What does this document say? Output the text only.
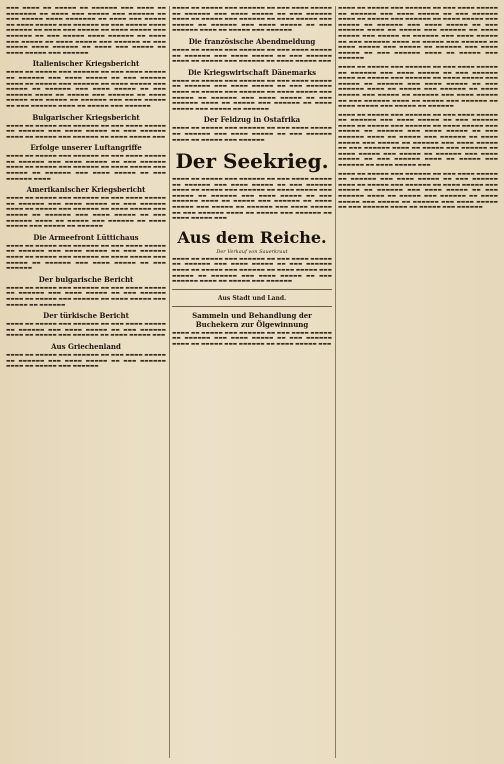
▬▬▬ ▬▬▬▬ ▬▬ ▬▬▬▬▬ ▬▬ ▬▬▬▬▬▬ ▬▬▬ ▬▬▬▬ ▬▬ ▬▬▬▬▬▬▬ ▬▬ ▬▬▬▬ ▬▬▬ ▬▬▬▬▬ ▬▬▬ ▬▬▬▬▬▬ ▬▬ ▬▬▬ ▬▬▬▬▬ ▬▬▬▬ ▬▬▬▬▬▬▬ ▬▬ ▬▬▬▬ ▬▬▬ ▬▬▬▬▬ ▬▬ ▬▬▬▬ ▬▬▬▬▬ ▬▬▬ ▬▬▬▬▬▬ ▬▬ ▬▬▬ ▬▬▬▬▬ ▬▬▬▬ ▬▬▬▬▬▬ ▬▬ ▬▬▬▬ ▬▬▬ ▬▬▬▬▬ ▬▬ ▬▬▬▬ ▬▬▬▬▬ ▬▬▬ ▬▬▬▬▬▬ ▬▬ ▬▬▬ ▬▬▬▬▬ ▬▬▬▬ ▬▬▬▬▬▬ ▬▬ ▬▬▬▬ ▬▬▬ ▬▬▬▬▬ ▬▬ ▬▬▬▬ ▬▬▬▬▬ ▬▬▬ ▬▬▬▬▬▬ ▬▬ ▬▬▬ ▬▬▬▬▬ ▬▬▬▬ ▬▬▬▬▬▬ ▬▬ ▬▬▬▬ ▬▬▬ ▬▬▬▬▬ ▬▬ ▬▬▬▬ ▬▬▬▬▬ ▬▬▬ ▬▬▬▬▬▬
Italienischer Kriegsbericht
▬▬▬▬ ▬▬ ▬▬▬▬▬ ▬▬▬ ▬▬▬▬▬▬ ▬▬ ▬▬▬ ▬▬▬▬ ▬▬▬▬▬ ▬▬ ▬▬▬▬▬▬ ▬▬▬ ▬▬▬▬ ▬▬▬▬▬ ▬▬ ▬▬▬ ▬▬▬▬▬▬ ▬▬▬▬ ▬▬ ▬▬▬▬▬ ▬▬▬ ▬▬▬▬▬▬ ▬▬ ▬▬▬▬ ▬▬▬▬▬ ▬▬▬ ▬▬▬▬▬ ▬▬ ▬▬▬▬▬▬ ▬▬▬ ▬▬▬▬ ▬▬▬▬▬ ▬▬ ▬▬▬ ▬▬▬▬▬▬ ▬▬▬▬ ▬▬ ▬▬▬▬▬ ▬▬▬ ▬▬▬▬▬▬ ▬▬ ▬▬▬▬ ▬▬▬▬▬ ▬▬▬ ▬▬▬▬▬ ▬▬ ▬▬▬▬▬▬ ▬▬▬ ▬▬▬▬ ▬▬▬▬▬ ▬▬ ▬▬▬ ▬▬▬▬▬▬ ▬▬▬▬ ▬▬ ▬▬▬▬▬ ▬▬▬ ▬▬▬▬▬▬
Bulgarischer Kriegsbericht
▬▬▬▬ ▬▬ ▬▬▬▬▬ ▬▬▬ ▬▬▬▬▬▬ ▬▬ ▬▬▬ ▬▬▬▬ ▬▬▬▬▬ ▬▬ ▬▬▬▬▬▬ ▬▬▬ ▬▬▬▬ ▬▬▬▬▬ ▬▬ ▬▬▬ ▬▬▬▬▬▬ ▬▬▬▬ ▬▬ ▬▬▬▬▬ ▬▬▬ ▬▬▬▬▬▬ ▬▬ ▬▬▬▬ ▬▬▬▬▬ ▬▬▬
Erfolge unserer Luftangriffe
▬▬▬▬ ▬▬ ▬▬▬▬▬ ▬▬▬ ▬▬▬▬▬▬ ▬▬ ▬▬▬ ▬▬▬▬ ▬▬▬▬▬ ▬▬ ▬▬▬▬▬▬ ▬▬▬ ▬▬▬▬ ▬▬▬▬▬ ▬▬ ▬▬▬ ▬▬▬▬▬▬ ▬▬▬▬ ▬▬ ▬▬▬▬▬ ▬▬▬ ▬▬▬▬▬▬ ▬▬ ▬▬▬▬ ▬▬▬▬▬ ▬▬▬ ▬▬▬▬▬ ▬▬ ▬▬▬▬▬▬ ▬▬▬ ▬▬▬▬ ▬▬▬▬▬ ▬▬ ▬▬▬ ▬▬▬▬▬▬ ▬▬▬▬
Amerikanischer Kriegsbericht
▬▬▬▬ ▬▬ ▬▬▬▬▬ ▬▬▬ ▬▬▬▬▬▬ ▬▬ ▬▬▬ ▬▬▬▬ ▬▬▬▬▬ ▬▬ ▬▬▬▬▬▬ ▬▬▬ ▬▬▬▬ ▬▬▬▬▬ ▬▬ ▬▬▬ ▬▬▬▬▬▬ ▬▬▬▬ ▬▬ ▬▬▬▬▬ ▬▬▬ ▬▬▬▬▬▬ ▬▬ ▬▬▬▬ ▬▬▬▬▬ ▬▬▬ ▬▬▬▬▬ ▬▬ ▬▬▬▬▬▬ ▬▬▬ ▬▬▬▬ ▬▬▬▬▬ ▬▬ ▬▬▬ ▬▬▬▬▬▬ ▬▬▬▬ ▬▬ ▬▬▬▬▬ ▬▬▬ ▬▬▬▬▬▬ ▬▬ ▬▬▬▬ ▬▬▬▬▬ ▬▬▬ ▬▬▬▬▬ ▬▬ ▬▬▬▬▬▬
Die Armeefront Lüttichaus
▬▬▬▬ ▬▬ ▬▬▬▬▬ ▬▬▬ ▬▬▬▬▬▬ ▬▬ ▬▬▬ ▬▬▬▬ ▬▬▬▬▬ ▬▬ ▬▬▬▬▬▬ ▬▬▬ ▬▬▬▬ ▬▬▬▬▬ ▬▬ ▬▬▬ ▬▬▬▬▬▬ ▬▬▬▬ ▬▬ ▬▬▬▬▬ ▬▬▬ ▬▬▬▬▬▬ ▬▬ ▬▬▬▬ ▬▬▬▬▬ ▬▬▬ ▬▬▬▬▬ ▬▬ ▬▬▬▬▬▬ ▬▬▬ ▬▬▬▬ ▬▬▬▬▬ ▬▬ ▬▬▬ ▬▬▬▬▬▬
Der bulgarische Bericht
▬▬▬▬ ▬▬ ▬▬▬▬▬ ▬▬▬ ▬▬▬▬▬▬ ▬▬ ▬▬▬ ▬▬▬▬ ▬▬▬▬▬ ▬▬ ▬▬▬▬▬▬ ▬▬▬ ▬▬▬▬ ▬▬▬▬▬ ▬▬ ▬▬▬ ▬▬▬▬▬▬ ▬▬▬▬ ▬▬ ▬▬▬▬▬ ▬▬▬ ▬▬▬▬▬▬ ▬▬ ▬▬▬▬ ▬▬▬▬▬ ▬▬▬ ▬▬▬▬▬ ▬▬ ▬▬▬▬▬▬
Der türkische Bericht
▬▬▬▬ ▬▬ ▬▬▬▬▬ ▬▬▬ ▬▬▬▬▬▬ ▬▬ ▬▬▬ ▬▬▬▬ ▬▬▬▬▬ ▬▬ ▬▬▬▬▬▬ ▬▬▬ ▬▬▬▬ ▬▬▬▬▬ ▬▬ ▬▬▬ ▬▬▬▬▬▬ ▬▬▬▬ ▬▬ ▬▬▬▬▬ ▬▬▬ ▬▬▬▬▬▬ ▬▬ ▬▬▬▬ ▬▬▬▬▬ ▬▬▬
Aus Griechenland
▬▬▬▬ ▬▬ ▬▬▬▬▬ ▬▬▬ ▬▬▬▬▬▬ ▬▬ ▬▬▬ ▬▬▬▬ ▬▬▬▬▬ ▬▬ ▬▬▬▬▬▬ ▬▬▬ ▬▬▬▬ ▬▬▬▬▬ ▬▬ ▬▬▬ ▬▬▬▬▬▬ ▬▬▬▬ ▬▬ ▬▬▬▬▬ ▬▬▬ ▬▬▬▬▬▬
▬▬▬▬ ▬▬ ▬▬▬▬▬ ▬▬▬ ▬▬▬▬▬▬ ▬▬ ▬▬▬ ▬▬▬▬ ▬▬▬▬▬ ▬▬ ▬▬▬▬▬▬ ▬▬▬ ▬▬▬▬ ▬▬▬▬▬ ▬▬ ▬▬▬ ▬▬▬▬▬▬ ▬▬▬▬ ▬▬ ▬▬▬▬▬ ▬▬▬ ▬▬▬▬▬▬ ▬▬ ▬▬▬▬ ▬▬▬▬▬ ▬▬▬ ▬▬▬▬▬ ▬▬ ▬▬▬▬▬▬ ▬▬▬ ▬▬▬▬ ▬▬▬▬▬ ▬▬ ▬▬▬ ▬▬▬▬▬▬ ▬▬▬▬ ▬▬ ▬▬▬▬▬ ▬▬▬ ▬▬▬▬▬▬
Die französische Abendmeldung
▬▬▬▬ ▬▬ ▬▬▬▬▬ ▬▬▬ ▬▬▬▬▬▬ ▬▬ ▬▬▬ ▬▬▬▬ ▬▬▬▬▬ ▬▬ ▬▬▬▬▬▬ ▬▬▬ ▬▬▬▬ ▬▬▬▬▬ ▬▬ ▬▬▬ ▬▬▬▬▬▬ ▬▬▬▬ ▬▬ ▬▬▬▬▬ ▬▬▬ ▬▬▬▬▬▬ ▬▬ ▬▬▬▬ ▬▬▬▬▬ ▬▬▬
Die Kriegswirtschaft Dänemarks
▬▬▬▬ ▬▬ ▬▬▬▬▬ ▬▬▬ ▬▬▬▬▬▬ ▬▬ ▬▬▬ ▬▬▬▬ ▬▬▬▬▬ ▬▬ ▬▬▬▬▬▬ ▬▬▬ ▬▬▬▬ ▬▬▬▬▬ ▬▬ ▬▬▬ ▬▬▬▬▬▬ ▬▬▬▬ ▬▬ ▬▬▬▬▬ ▬▬▬ ▬▬▬▬▬▬ ▬▬ ▬▬▬▬ ▬▬▬▬▬ ▬▬▬ ▬▬▬▬▬ ▬▬ ▬▬▬▬▬▬ ▬▬▬ ▬▬▬▬ ▬▬▬▬▬ ▬▬ ▬▬▬ ▬▬▬▬▬▬ ▬▬▬▬ ▬▬ ▬▬▬▬▬ ▬▬▬ ▬▬▬▬▬▬ ▬▬ ▬▬▬▬ ▬▬▬▬▬ ▬▬▬ ▬▬▬▬▬ ▬▬ ▬▬▬▬▬▬
Der Feldzug in Ostafrika
▬▬▬▬ ▬▬ ▬▬▬▬▬ ▬▬▬ ▬▬▬▬▬▬ ▬▬ ▬▬▬ ▬▬▬▬ ▬▬▬▬▬ ▬▬ ▬▬▬▬▬▬ ▬▬▬ ▬▬▬▬ ▬▬▬▬▬ ▬▬ ▬▬▬ ▬▬▬▬▬▬ ▬▬▬▬ ▬▬ ▬▬▬▬▬ ▬▬▬ ▬▬▬▬▬▬
Der Seekrieg.
▬▬▬▬ ▬▬ ▬▬▬▬▬ ▬▬▬ ▬▬▬▬▬▬ ▬▬ ▬▬▬ ▬▬▬▬ ▬▬▬▬▬ ▬▬ ▬▬▬▬▬▬ ▬▬▬ ▬▬▬▬ ▬▬▬▬▬ ▬▬ ▬▬▬ ▬▬▬▬▬▬ ▬▬▬▬ ▬▬ ▬▬▬▬▬ ▬▬▬ ▬▬▬▬▬▬ ▬▬ ▬▬▬▬ ▬▬▬▬▬ ▬▬▬ ▬▬▬▬▬ ▬▬ ▬▬▬▬▬▬ ▬▬▬ ▬▬▬▬ ▬▬▬▬▬ ▬▬ ▬▬▬ ▬▬▬▬▬▬ ▬▬▬▬ ▬▬ ▬▬▬▬▬ ▬▬▬ ▬▬▬▬▬▬ ▬▬ ▬▬▬▬ ▬▬▬▬▬ ▬▬▬ ▬▬▬▬▬ ▬▬ ▬▬▬▬▬▬ ▬▬▬ ▬▬▬▬ ▬▬▬▬▬ ▬▬ ▬▬▬ ▬▬▬▬▬▬ ▬▬▬▬ ▬▬ ▬▬▬▬▬ ▬▬▬ ▬▬▬▬▬▬ ▬▬ ▬▬▬▬ ▬▬▬▬▬ ▬▬▬
Aus dem Reiche.
Der Verkauf von Sauerkraut
▬▬▬▬ ▬▬ ▬▬▬▬▬ ▬▬▬ ▬▬▬▬▬▬ ▬▬ ▬▬▬ ▬▬▬▬ ▬▬▬▬▬ ▬▬ ▬▬▬▬▬▬ ▬▬▬ ▬▬▬▬ ▬▬▬▬▬ ▬▬ ▬▬▬ ▬▬▬▬▬▬ ▬▬▬▬ ▬▬ ▬▬▬▬▬ ▬▬▬ ▬▬▬▬▬▬ ▬▬ ▬▬▬▬ ▬▬▬▬▬ ▬▬▬ ▬▬▬▬▬ ▬▬ ▬▬▬▬▬▬ ▬▬▬ ▬▬▬▬ ▬▬▬▬▬ ▬▬ ▬▬▬ ▬▬▬▬▬▬ ▬▬▬▬ ▬▬ ▬▬▬▬▬ ▬▬▬ ▬▬▬▬▬▬
Aus Stadt und Land.
Sammeln und Behandlung der Buchekern zur Ölgewinnung
▬▬▬▬ ▬▬ ▬▬▬▬▬ ▬▬▬ ▬▬▬▬▬▬ ▬▬ ▬▬▬ ▬▬▬▬ ▬▬▬▬▬ ▬▬ ▬▬▬▬▬▬ ▬▬▬ ▬▬▬▬ ▬▬▬▬▬ ▬▬ ▬▬▬ ▬▬▬▬▬▬ ▬▬▬▬ ▬▬ ▬▬▬▬▬ ▬▬▬ ▬▬▬▬▬▬ ▬▬ ▬▬▬▬ ▬▬▬▬▬ ▬▬▬
▬▬▬▬ ▬▬ ▬▬▬▬▬ ▬▬▬ ▬▬▬▬▬▬ ▬▬ ▬▬▬ ▬▬▬▬ ▬▬▬▬▬ ▬▬ ▬▬▬▬▬▬ ▬▬▬ ▬▬▬▬ ▬▬▬▬▬ ▬▬ ▬▬▬ ▬▬▬▬▬▬ ▬▬▬▬ ▬▬ ▬▬▬▬▬ ▬▬▬ ▬▬▬▬▬▬ ▬▬ ▬▬▬▬ ▬▬▬▬▬ ▬▬▬ ▬▬▬▬▬ ▬▬ ▬▬▬▬▬▬ ▬▬▬ ▬▬▬▬ ▬▬▬▬▬ ▬▬ ▬▬▬ ▬▬▬▬▬▬ ▬▬▬▬ ▬▬ ▬▬▬▬▬ ▬▬▬ ▬▬▬▬▬▬ ▬▬ ▬▬▬▬ ▬▬▬▬▬ ▬▬▬ ▬▬▬▬▬ ▬▬ ▬▬▬▬▬▬ ▬▬▬ ▬▬▬▬ ▬▬▬▬▬ ▬▬ ▬▬▬ ▬▬▬▬▬▬ ▬▬▬▬ ▬▬ ▬▬▬▬▬ ▬▬▬ ▬▬▬▬▬▬ ▬▬ ▬▬▬▬ ▬▬▬▬▬ ▬▬▬ ▬▬▬▬▬ ▬▬ ▬▬▬▬▬▬ ▬▬▬ ▬▬▬▬ ▬▬▬▬▬ ▬▬ ▬▬▬ ▬▬▬▬▬▬ ▬▬▬▬ ▬▬ ▬▬▬▬▬ ▬▬▬ ▬▬▬▬▬▬
▬▬▬▬ ▬▬ ▬▬▬▬▬ ▬▬▬ ▬▬▬▬▬▬ ▬▬ ▬▬▬ ▬▬▬▬ ▬▬▬▬▬ ▬▬ ▬▬▬▬▬▬ ▬▬▬ ▬▬▬▬ ▬▬▬▬▬ ▬▬ ▬▬▬ ▬▬▬▬▬▬ ▬▬▬▬ ▬▬ ▬▬▬▬▬ ▬▬▬ ▬▬▬▬▬▬ ▬▬ ▬▬▬▬ ▬▬▬▬▬ ▬▬▬ ▬▬▬▬▬ ▬▬ ▬▬▬▬▬▬ ▬▬▬ ▬▬▬▬ ▬▬▬▬▬ ▬▬ ▬▬▬ ▬▬▬▬▬▬ ▬▬▬▬ ▬▬ ▬▬▬▬▬ ▬▬▬ ▬▬▬▬▬▬ ▬▬ ▬▬▬▬ ▬▬▬▬▬ ▬▬▬ ▬▬▬▬▬ ▬▬ ▬▬▬▬▬▬ ▬▬▬ ▬▬▬▬ ▬▬▬▬▬ ▬▬ ▬▬▬ ▬▬▬▬▬▬ ▬▬▬▬ ▬▬ ▬▬▬▬▬ ▬▬▬ ▬▬▬▬▬▬ ▬▬ ▬▬▬▬ ▬▬▬▬▬ ▬▬▬ ▬▬▬▬▬ ▬▬ ▬▬▬▬▬▬
▬▬▬▬ ▬▬ ▬▬▬▬▬ ▬▬▬ ▬▬▬▬▬▬ ▬▬ ▬▬▬ ▬▬▬▬ ▬▬▬▬▬ ▬▬ ▬▬▬▬▬▬ ▬▬▬ ▬▬▬▬ ▬▬▬▬▬ ▬▬ ▬▬▬ ▬▬▬▬▬▬ ▬▬▬▬ ▬▬ ▬▬▬▬▬ ▬▬▬ ▬▬▬▬▬▬ ▬▬ ▬▬▬▬ ▬▬▬▬▬ ▬▬▬ ▬▬▬▬▬ ▬▬ ▬▬▬▬▬▬ ▬▬▬ ▬▬▬▬ ▬▬▬▬▬ ▬▬ ▬▬▬ ▬▬▬▬▬▬ ▬▬▬▬ ▬▬ ▬▬▬▬▬ ▬▬▬ ▬▬▬▬▬▬ ▬▬ ▬▬▬▬ ▬▬▬▬▬ ▬▬▬ ▬▬▬▬▬ ▬▬ ▬▬▬▬▬▬ ▬▬▬ ▬▬▬▬ ▬▬▬▬▬ ▬▬ ▬▬▬ ▬▬▬▬▬▬ ▬▬▬▬ ▬▬ ▬▬▬▬▬ ▬▬▬ ▬▬▬▬▬▬ ▬▬ ▬▬▬▬ ▬▬▬▬▬ ▬▬▬ ▬▬▬▬▬ ▬▬ ▬▬▬▬▬▬ ▬▬▬ ▬▬▬▬ ▬▬▬▬▬ ▬▬ ▬▬▬ ▬▬▬▬▬▬ ▬▬▬▬ ▬▬ ▬▬▬▬▬ ▬▬▬ ▬▬▬▬▬▬ ▬▬ ▬▬▬▬ ▬▬▬▬▬ ▬▬▬
▬▬▬▬ ▬▬ ▬▬▬▬▬ ▬▬▬ ▬▬▬▬▬▬ ▬▬ ▬▬▬ ▬▬▬▬ ▬▬▬▬▬ ▬▬ ▬▬▬▬▬▬ ▬▬▬ ▬▬▬▬ ▬▬▬▬▬ ▬▬ ▬▬▬ ▬▬▬▬▬▬ ▬▬▬▬ ▬▬ ▬▬▬▬▬ ▬▬▬ ▬▬▬▬▬▬ ▬▬ ▬▬▬▬ ▬▬▬▬▬ ▬▬▬ ▬▬▬▬▬ ▬▬ ▬▬▬▬▬▬ ▬▬▬ ▬▬▬▬ ▬▬▬▬▬ ▬▬ ▬▬▬ ▬▬▬▬▬▬ ▬▬▬▬ ▬▬ ▬▬▬▬▬ ▬▬▬ ▬▬▬▬▬▬ ▬▬ ▬▬▬▬ ▬▬▬▬▬ ▬▬▬ ▬▬▬▬▬ ▬▬ ▬▬▬▬▬▬ ▬▬▬ ▬▬▬▬ ▬▬▬▬▬ ▬▬ ▬▬▬ ▬▬▬▬▬▬ ▬▬▬▬ ▬▬ ▬▬▬▬▬ ▬▬▬ ▬▬▬▬▬▬
